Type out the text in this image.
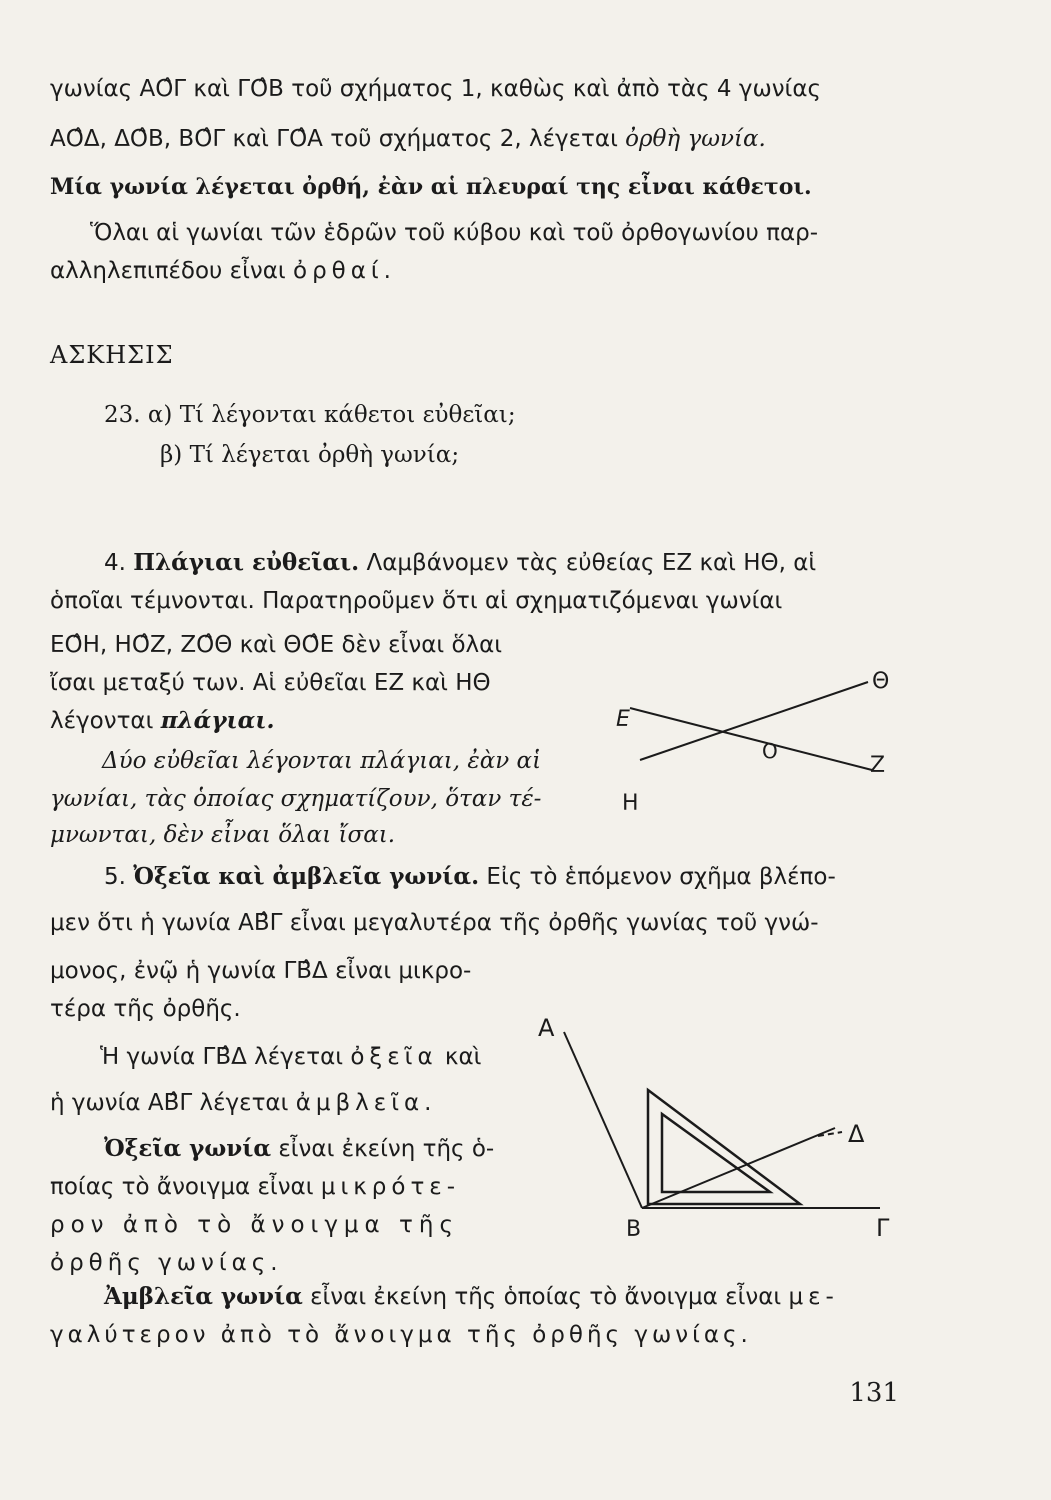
γωνίας ΑΟ̂Γ καὶ ΓΟ̂Β τοῦ σχήματος 1, καθὼς καὶ ἀπὸ τὰς 4 γωνίας
ΑΟ̂Δ, ΔΟ̂Β, ΒΟ̂Γ καὶ ΓΟ̂Α τοῦ σχήματος 2, λέγεται ὀρθὴ γωνία.
Μία γωνία λέγεται ὀρθή, ἐὰν αἱ πλευραί της εἶναι κάθετοι.
Ὅλαι αἱ γωνίαι τῶν ἑδρῶν τοῦ κύβου καὶ τοῦ ὀρθογωνίου παρ-
αλληλεπιπέδου εἶναι ὀρθαί.
ΑΣΚΗΣΙΣ
23. α) Τί λέγονται κάθετοι εὐθεῖαι;
β) Τί λέγεται ὀρθὴ γωνία;
4. Πλάγιαι εὐθεῖαι. Λαμβάνομεν τὰς εὐθείας ΕΖ καὶ ΗΘ, αἱ
ὁποῖαι τέμνονται. Παρατηροῦμεν ὅτι αἱ σχηματιζόμεναι γωνίαι
ΕΟ̂Η, ΗΟ̂Ζ, ΖΟ̂Θ καὶ ΘΟ̂Ε δὲν εἶναι ὅλαι
ἴσαι μεταξύ των. Αἱ εὐθεῖαι ΕΖ καὶ ΗΘ
λέγονται πλάγιαι.
Δύο εὐθεῖαι λέγονται πλάγιαι, ἐὰν αἱ
γωνίαι, τὰς ὁποίας σχηματίζουν, ὅταν τέ-
μνωνται, δὲν εἶναι ὅλαι ἴσαι.
Ε
Ο
Ζ
Η
Θ
5. Ὀξεῖα καὶ ἀμβλεῖα γωνία. Εἰς τὸ ἑπόμενον σχῆμα βλέπο-
μεν ὅτι ἡ γωνία ΑΒ̂Γ εἶναι μεγαλυτέρα τῆς ὀρθῆς γωνίας τοῦ γνώ-
μονος, ἐνῷ ἡ γωνία ΓΒ̂Δ εἶναι μικρο-
τέρα τῆς ὀρθῆς.
Ἡ γωνία ΓΒ̂Δ λέγεται ὀξεῖα καὶ
ἡ γωνία ΑΒ̂Γ λέγεται ἀμβλεῖα.
Ὀξεῖα γωνία εἶναι ἐκείνη τῆς ὁ-
ποίας τὸ ἄνοιγμα εἶναι μικρότε-
ρον ἀπὸ τὸ ἄνοιγμα τῆς
ὀρθῆς γωνίας.
Ἀμβλεῖα γωνία εἶναι ἐκείνη τῆς ὁποίας τὸ ἄνοιγμα εἶναι με-
γαλύτερον ἀπὸ τὸ ἄνοιγμα τῆς ὀρθῆς γωνίας.
Α
Β	Γ
Δ
131
